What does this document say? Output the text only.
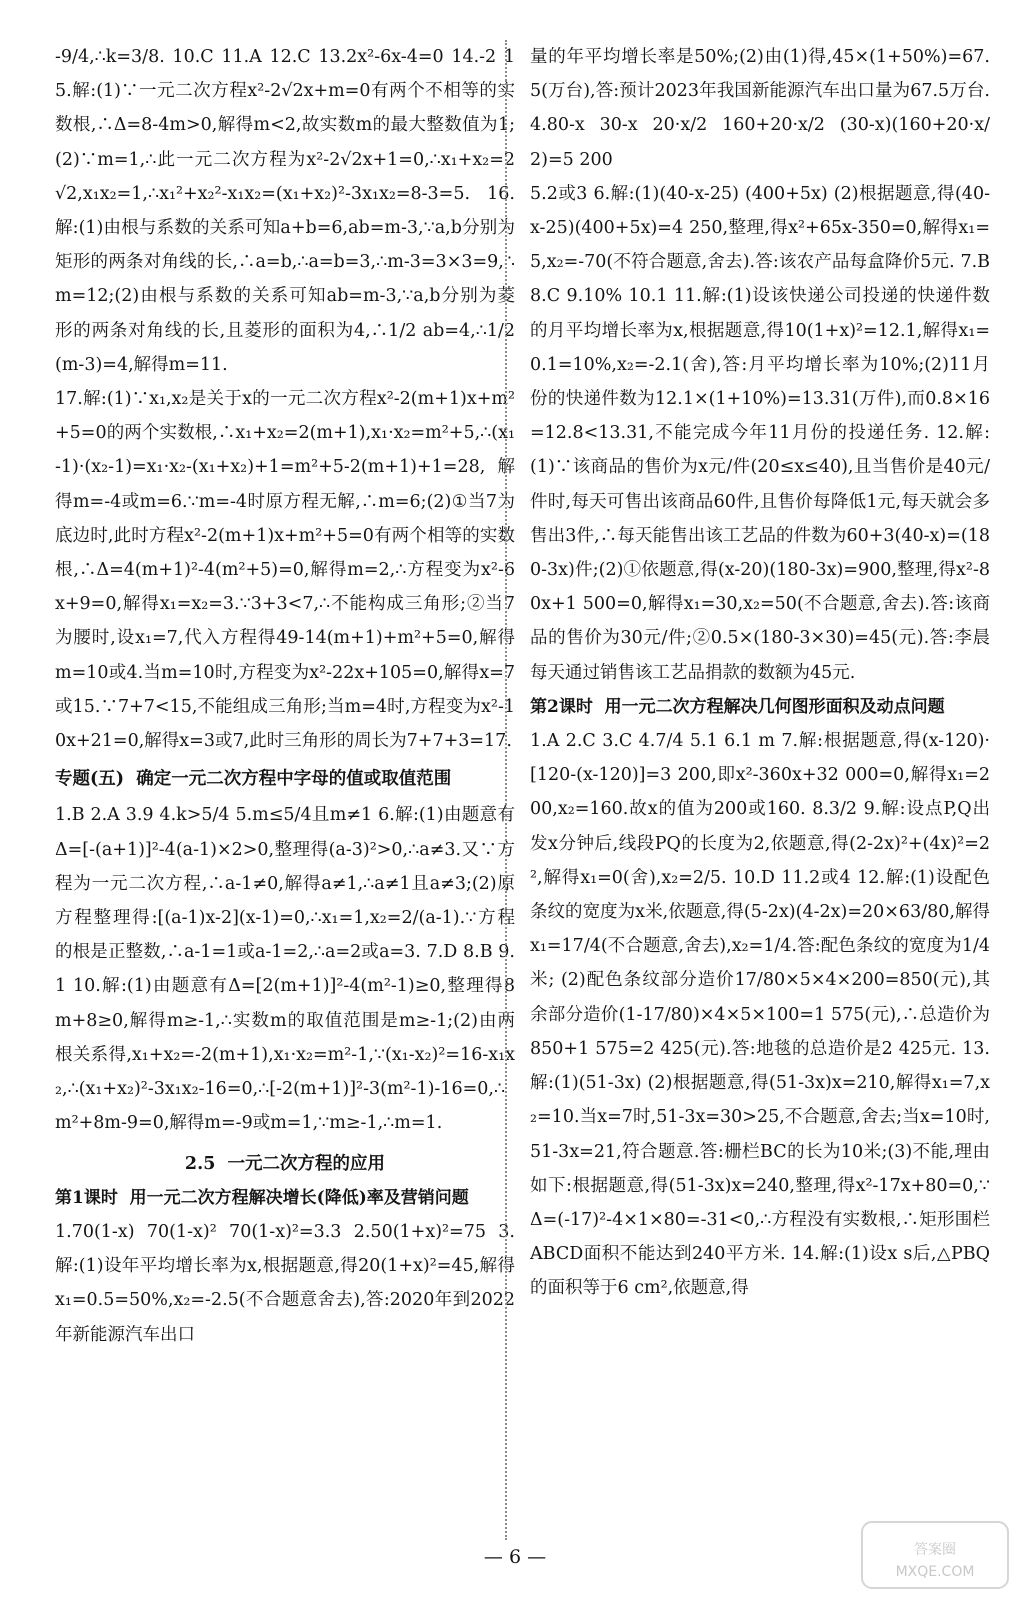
-9/4,∴k=3/8. 10.C 11.A 12.C 13.2x²-6x-4=0 14.-2 15.解:(1)∵一元二次方程x²-2√2x+m=0有两个不相等的实数根,∴Δ=8-4m>0,解得m<2,故实数m的最大整数值为1;(2)∵m=1,∴此一元二次方程为x²-2√2x+1=0,∴x₁+x₂=2√2,x₁x₂=1,∴x₁²+x₂²-x₁x₂=(x₁+x₂)²-3x₁x₂=8-3=5. 16.解:(1)由根与系数的关系可知a+b=6,ab=m-3,∵a,b分别为矩形的两条对角线的长,∴a=b,∴a=b=3,∴m-3=3×3=9,∴m=12;(2)由根与系数的关系可知ab=m-3,∵a,b分别为菱形的两条对角线的长,且菱形的面积为4,∴1/2 ab=4,∴1/2 (m-3)=4,解得m=11.

17.解:(1)∵x₁,x₂是关于x的一元二次方程x²-2(m+1)x+m²+5=0的两个实数根,∴x₁+x₂=2(m+1),x₁·x₂=m²+5,∴(x₁-1)·(x₂-1)=x₁·x₂-(x₁+x₂)+1=m²+5-2(m+1)+1=28,解得m=-4或m=6.∵m=-4时原方程无解,∴m=6;(2)①当7为底边时,此时方程x²-2(m+1)x+m²+5=0有两个相等的实数根,∴Δ=4(m+1)²-4(m²+5)=0,解得m=2,∴方程变为x²-6x+9=0,解得x₁=x₂=3.∵3+3<7,∴不能构成三角形;②当7为腰时,设x₁=7,代入方程得49-14(m+1)+m²+5=0,解得m=10或4.当m=10时,方程变为x²-22x+105=0,解得x=7或15.∵7+7<15,不能组成三角形;当m=4时,方程变为x²-10x+21=0,解得x=3或7,此时三角形的周长为7+7+3=17.

专题(五)  确定一元二次方程中字母的值或取值范围

1.B 2.A 3.9 4.k>5/4 5.m≤5/4且m≠1 6.解:(1)由题意有Δ=[-(a+1)]²-4(a-1)×2>0,整理得(a-3)²>0,∴a≠3.又∵方程为一元二次方程,∴a-1≠0,解得a≠1,∴a≠1且a≠3;(2)原方程整理得:[(a-1)x-2](x-1)=0,∴x₁=1,x₂=2/(a-1).∵方程的根是正整数,∴a-1=1或a-1=2,∴a=2或a=3. 7.D 8.B 9.1 10.解:(1)由题意有Δ=[2(m+1)]²-4(m²-1)≥0,整理得8m+8≥0,解得m≥-1,∴实数m的取值范围是m≥-1;(2)由两根关系得,x₁+x₂=-2(m+1),x₁·x₂=m²-1,∵(x₁-x₂)²=16-x₁x₂,∴(x₁+x₂)²-3x₁x₂-16=0,∴[-2(m+1)]²-3(m²-1)-16=0,∴m²+8m-9=0,解得m=-9或m=1,∵m≥-1,∴m=1.

2.5  一元二次方程的应用

第1课时  用一元二次方程解决增长(降低)率及营销问题

1.70(1-x)  70(1-x)²  70(1-x)²=3.3  2.50(1+x)²=75  3.解:(1)设年平均增长率为x,根据题意,得20(1+x)²=45,解得x₁=0.5=50%,x₂=-2.5(不合题意舍去),答:2020年到2022年新能源汽车出口

量的年平均增长率是50%;(2)由(1)得,45×(1+50%)=67.5(万台),答:预计2023年我国新能源汽车出口量为67.5万台. 4.80-x  30-x  20·x/2  160+20·x/2  (30-x)(160+20·x/2)=5 200

5.2或3 6.解:(1)(40-x-25) (400+5x) (2)根据题意,得(40-x-25)(400+5x)=4 250,整理,得x²+65x-350=0,解得x₁=5,x₂=-70(不符合题意,舍去).答:该农产品每盒降价5元. 7.B 8.C 9.10% 10.1 11.解:(1)设该快递公司投递的快递件数的月平均增长率为x,根据题意,得10(1+x)²=12.1,解得x₁=0.1=10%,x₂=-2.1(舍),答:月平均增长率为10%;(2)11月份的快递件数为12.1×(1+10%)=13.31(万件),而0.8×16=12.8<13.31,不能完成今年11月份的投递任务. 12.解:(1)∵该商品的售价为x元/件(20≤x≤40),且当售价是40元/件时,每天可售出该商品60件,且售价每降低1元,每天就会多售出3件,∴每天能售出该工艺品的件数为60+3(40-x)=(180-3x)件;(2)①依题意,得(x-20)(180-3x)=900,整理,得x²-80x+1 500=0,解得x₁=30,x₂=50(不合题意,舍去).答:该商品的售价为30元/件;②0.5×(180-3×30)=45(元).答:李晨每天通过销售该工艺品捐款的数额为45元.

第2课时  用一元二次方程解决几何图形面积及动点问题

1.A 2.C 3.C 4.7/4 5.1 6.1 m 7.解:根据题意,得(x-120)·[120-(x-120)]=3 200,即x²-360x+32 000=0,解得x₁=200,x₂=160.故x的值为200或160. 8.3/2 9.解:设点P,Q出发x分钟后,线段PQ的长度为2,依题意,得(2-2x)²+(4x)²=2²,解得x₁=0(舍),x₂=2/5. 10.D 11.2或4 12.解:(1)设配色条纹的宽度为x米,依题意,得(5-2x)(4-2x)=20×63/80,解得x₁=17/4(不合题意,舍去),x₂=1/4.答:配色条纹的宽度为1/4米; (2)配色条纹部分造价17/80×5×4×200=850(元),其余部分造价(1-17/80)×4×5×100=1 575(元),∴总造价为850+1 575=2 425(元).答:地毯的总造价是2 425元. 13.解:(1)(51-3x) (2)根据题意,得(51-3x)x=210,解得x₁=7,x₂=10.当x=7时,51-3x=30>25,不合题意,舍去;当x=10时,51-3x=21,符合题意.答:栅栏BC的长为10米;(3)不能,理由如下:根据题意,得(51-3x)x=240,整理,得x²-17x+80=0,∵Δ=(-17)²-4×1×80=-31<0,∴方程没有实数根,∴矩形围栏ABCD面积不能达到240平方米. 14.解:(1)设x s后,△PBQ的面积等于6 cm²,依题意,得

— 6 —	答案圈
MXQE.COM
